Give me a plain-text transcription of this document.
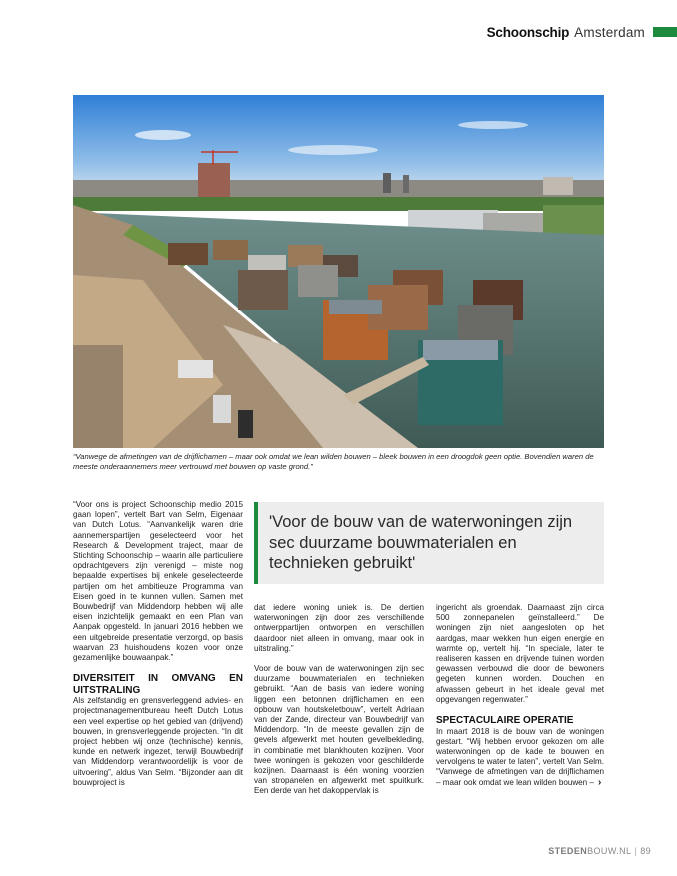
Schoonschip Amsterdam
“Vanwege de afmetingen van de drijflichamen – maar ook omdat we lean wilden bouwen – bleek bouwen in een droogdok geen optie. Bovendien waren de meeste onderaannemers meer vertrouwd met bouwen op vaste grond.”

“Voor ons is project Schoonschip medio 2015 gaan lopen”, vertelt Bart van Selm, Eigenaar van Dutch Lotus. “Aanvankelijk waren drie aannemerspartijen geselecteerd voor het Research & Development traject, maar de Stichting Schoonschip – waarin alle particuliere opdrachtgevers zijn verenigd – miste nog bepaalde expertises bij enkele geselecteerde partijen om het ambitieuze Programma van Eisen goed in te kunnen vullen. Samen met Bouwbedrijf van Middendorp hebben wij alle eisen inzichtelijk gemaakt en een Plan van Aanpak opgesteld. In januari 2016 hebben we een uitgebreide presentatie verzorgd, op basis waarvan 23 huishoudens kozen voor onze gezamenlijke bouwaanpak.”

DIVERSITEIT IN OMVANG EN UITSTRALING

Als zelfstandig en grensverleggend advies- en projectmanagementbureau heeft Dutch Lotus een veel expertise op het gebied van (drijvend) bouwen, in grensverleggende projecten. “In dit project hebben wij onze (technische) kennis, kunde en netwerk ingezet, terwijl Bouwbedrijf van Middendorp verantwoordelijk is voor de uitvoering”, aldus Van Selm. “Bijzonder aan dit bouwproject is

'Voor de bouw van de waterwoningen zijn sec duurzame bouwmaterialen en technieken gebruikt'

dat iedere woning uniek is. De dertien waterwoningen zijn door zes verschillende ontwerppartijen ontworpen en verschillen daardoor niet alleen in omvang, maar ook in uitstraling.”

Voor de bouw van de waterwoningen zijn sec duurzame bouwmaterialen en technieken gebruikt. “Aan de basis van iedere woning liggen een betonnen drijflichamen en een opbouw van houtskeletbouw”, vertelt Adriaan van der Zande, directeur van Bouwbedrijf van Middendorp. “In de meeste gevallen zijn de gevels afgewerkt met houten gevelbekleding, in combinatie met blankhouten kozijnen. Voor twee woningen is gekozen voor geschilderde kozijnen. Daarnaast is één woning voorzien van stropanelen en afgewerkt met spuitkurk. Een derde van het dakoppervlak is

ingericht als groendak. Daarnaast zijn circa 500 zonnepanelen geïnstalleerd.” De woningen zijn niet aangesloten op het aardgas, maar wekken hun eigen energie en warmte op, vertelt hij. “In speciale, later te realiseren kassen en drijvende tuinen worden gewassen verbouwd die door de bewoners gegeten kunnen worden. Douchen en afwassen gebeurt in het ideale geval met opgevangen regenwater.”

SPECTACULAIRE OPERATIE

In maart 2018 is de bouw van de woningen gestart. “Wij hebben ervoor gekozen om alle waterwoningen op de kade te bouwen en vervolgens te water te laten”, vertelt Van Selm. “Vanwege de afmetingen van de drijflichamen – maar ook omdat we lean wilden bouwen – ›

STEDENBOUW.NL | 89
